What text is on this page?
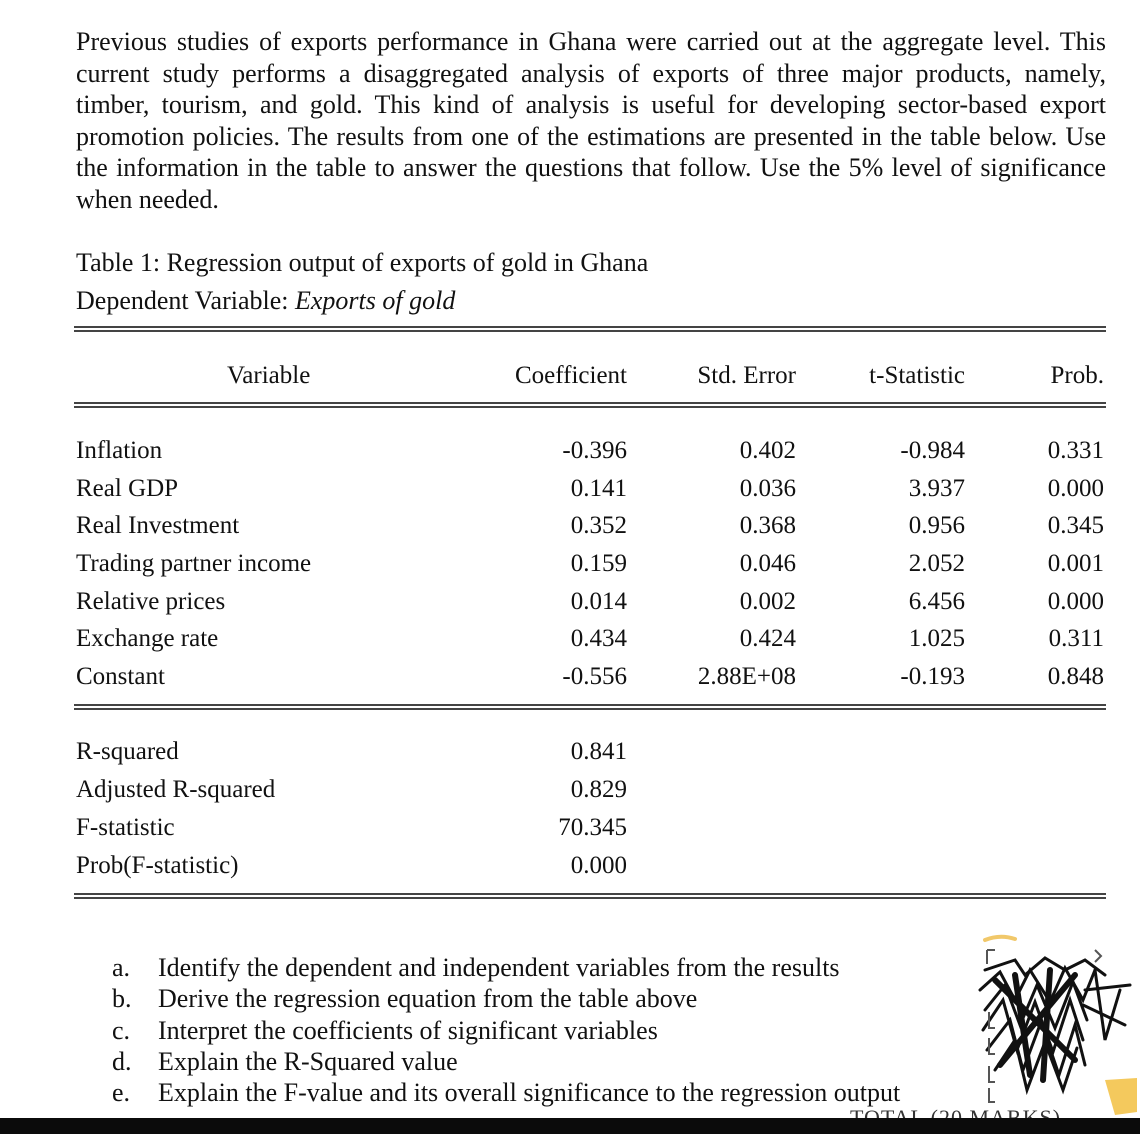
Previous studies of exports performance in Ghana were carried out at the aggregate level. This current study performs a disaggregated analysis of exports of three major products, namely, timber, tourism, and gold. This kind of analysis is useful for developing sector-based export promotion policies. The results from one of the estimations are presented in the table below. Use the information in the table to answer the questions that follow. Use the 5% level of significance when needed.

Table 1: Regression output of exports of gold in Ghana
Dependent Variable: Exports of gold
Variable	Coefficient	Std. Error	t-Statistic	Prob.
Inflation	-0.396	0.402	-0.984	0.331
Real GDP	0.141	0.036	3.937	0.000
Real Investment	0.352	0.368	0.956	0.345
Trading partner income	0.159	0.046	2.052	0.001
Relative prices	0.014	0.002	6.456	0.000
Exchange rate	0.434	0.424	1.025	0.311
Constant	-0.556	2.88E+08	-0.193	0.848
R-squared	0.841
Adjusted R-squared	0.829
F-statistic	70.345
Prob(F-statistic)	0.000
a. Identify the dependent and independent variables from the results
b. Derive the regression equation from the table above
c. Interpret the coefficients of significant variables
d. Explain the R-Squared value
e. Explain the F-value and its overall significance to the regression output
